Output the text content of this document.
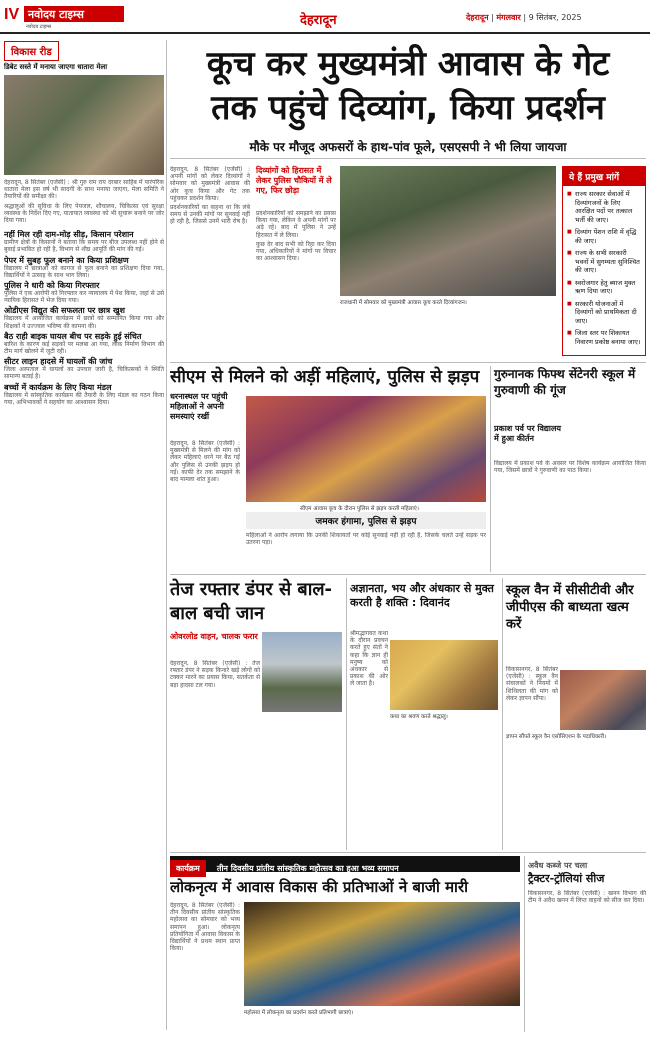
IV नवोदय टाइम्स
नवोदय टाइम्स	देहरादून	देहरादून | मंगलवार | 9 सितंबर, 2025
विकास रीड
डिबेट सस्ते में मनाया जाएगा धातारा मेला

देहरादून, 8 सितंबर (एजेंसी) : श्री गुरु राम राय दरबार साहिब में पारंपरिक धातारा मेला इस वर्ष भी सादगी के साथ मनाया जाएगा, मेला समिति ने तैयारियों की समीक्षा की।

श्रद्धालुओं की सुविधा के लिए पेयजल, शौचालय, चिकित्सा एवं सुरक्षा व्यवस्था के निर्देश दिए गए, यातायात व्यवस्था को भी सुचारू बनाने पर जोर दिया गया।

नहीं मिल रही दाम-मोड़ सीड़, किसान परेशान

ग्रामीण क्षेत्रों के किसानों ने बताया कि समय पर बीज उपलब्ध नहीं होने से बुवाई प्रभावित हो रही है, विभाग से शीघ्र आपूर्ति की मांग की गई।

पेपर में सुबह फूल बनाने का किया प्रशिक्षण

विद्यालय में छात्राओं को कागज से फूल बनाने का प्रशिक्षण दिया गया, विद्यार्थियों ने उत्साह के साथ भाग लिया।

पुलिस ने धारी को किया गिरफ्तार

पुलिस ने एक आरोपी को गिरफ्तार कर न्यायालय में पेश किया, जहां से उसे न्यायिक हिरासत में भेज दिया गया।

ओडीएस विद्युत की सफलता पर छात्र खुश

विद्यालय में आयोजित कार्यक्रम में छात्रों को सम्मानित किया गया और शिक्षकों ने उज्ज्वल भविष्य की कामना की।

बैठ राही बाइक घायल बीच पर सड़के हुई संचित

बारिश के कारण कई सड़कों पर मलबा आ गया, लोक निर्माण विभाग की टीम मार्ग खोलने में जुटी रही।

सीटर लाइन हादसे में घायलों की जांच

जिला अस्पताल में घायलों का उपचार जारी है, चिकित्सकों ने स्थिति सामान्य बताई है।

बच्चों में कार्यक्रम के लिए किया मंडल

विद्यालय में सांस्कृतिक कार्यक्रम की तैयारी के लिए मंडल का गठन किया गया, अभिभावकों ने सहयोग का आश्वासन दिया।

कूच कर मुख्यमंत्री आवास के गेट
तक पहुंचे दिव्यांग, किया प्रदर्शन
मौके पर मौजूद अफसरों के हाथ-पांव फूले, एसएसपी ने भी लिया जायजा

देहरादून, 8 सितंबर (एजेंसी) : अपनी मांगों को लेकर दिव्यांगों ने सोमवार को मुख्यमंत्री आवास की ओर कूच किया और गेट तक पहुंचकर प्रदर्शन किया।

प्रदर्शनकारियों का कहना था कि लंबे समय से उनकी मांगों पर सुनवाई नहीं हो रही है, जिससे उनमें भारी रोष है।

दिव्यांगों को हिरासत में लेकर पुलिस चौकियों में ले गए, फिर छोड़ा

प्रदर्शनकारियों को समझाने का प्रयास किया गया, लेकिन वे अपनी मांगों पर अड़े रहे। बाद में पुलिस ने उन्हें हिरासत में ले लिया।

कुछ देर बाद सभी को रिहा कर दिया गया, अधिकारियों ने मांगों पर विचार का आश्वासन दिया।

राजधानी में सोमवार को मुख्यमंत्री आवास कूच करते दिव्यांगजन।
ये हैं प्रमुख मांगें
■ राज्य सरकार सेवाओं में दिव्यांगजनों के लिए आरक्षित पदों पर तत्काल भर्ती की जाए।
■ दिव्यांग पेंशन राशि में वृद्धि की जाए।
■ राज्य के सभी सरकारी भवनों में सुगम्यता सुनिश्चित की जाए।
■ स्वरोजगार हेतु ब्याज मुक्त ऋण दिया जाए।
■ सरकारी योजनाओं में दिव्यांगों को प्राथमिकता दी जाए।
■ जिला स्तर पर शिकायत निवारण प्रकोष्ठ बनाया जाए।
सीएम से मिलने को अड़ीं महिलाएं, पुलिस से झड़प
धरनास्थल पर पहुंची महिलाओं ने अपनी समस्याएं रखीं

देहरादून, 8 सितंबर (एजेंसी) : मुख्यमंत्री से मिलने की मांग को लेकर महिलाएं धरने पर बैठ गईं और पुलिस से उनकी झड़प हो गई। काफी देर तक समझाने के बाद मामला शांत हुआ।

सीएम आवास कूच के दौरान पुलिस से झड़प करती महिलाएं।
जमकर हंगामा, पुलिस से झड़प

महिलाओं ने आरोप लगाया कि उनकी शिकायतों पर कोई सुनवाई नहीं हो रही है, जिसके चलते उन्हें सड़क पर उतरना पड़ा।

गुरुनानक फिफ्थ सेंटेनरी स्कूल में गुरुवाणी की गूंज
प्रकाश पर्व पर विद्यालय में हुआ कीर्तन

विद्यालय में प्रकाश पर्व के अवसर पर विशेष कार्यक्रम आयोजित किया गया, जिसमें छात्रों ने गुरुवाणी का पाठ किया।

तेज रफ्तार डंपर से बाल-बाल बची जान
ओवरलोड वाहन, चालक फरार

देहरादून, 8 सितंबर (एजेंसी) : तेज रफ्तार डंपर ने सड़क किनारे खड़े लोगों को टक्कर मारने का प्रयास किया, सतर्कता से बड़ा हादसा टल गया।

अज्ञानता, भय और अंधकार से मुक्त करती है शक्ति : दिवानंद
कथा का श्रवण करते श्रद्धालु।

श्रीमद्भागवत कथा के दौरान प्रवचन करते हुए संतों ने कहा कि ज्ञान ही मनुष्य को अंधकार से प्रकाश की ओर ले जाता है।

स्कूल वैन में सीसीटीवी और जीपीएस की बाध्यता खत्म करें
ज्ञापन सौंपते स्कूल वैन एसोसिएशन के पदाधिकारी।

विकासनगर, 8 सितंबर (एजेंसी) : स्कूल वैन संचालकों ने नियमों में शिथिलता की मांग को लेकर ज्ञापन सौंपा।

कार्यक्रम तीन दिवसीय प्रांतीय सांस्कृतिक महोत्सव का हुआ भव्य समापन
लोकनृत्य में आवास विकास की प्रतिभाओं ने बाजी मारी

देहरादून, 8 सितंबर (एजेंसी) : तीन दिवसीय प्रांतीय सांस्कृतिक महोत्सव का सोमवार को भव्य समापन हुआ। लोकनृत्य प्रतियोगिता में आवास विकास के विद्यार्थियों ने प्रथम स्थान प्राप्त किया।

महोत्सव में लोकनृत्य का प्रदर्शन करते प्रतिभागी छात्राएं।
अवैध कब्जे पर चला
ट्रैक्टर-ट्रॉलियां सीज

विकासनगर, 8 सितंबर (एजेंसी) : खनन विभाग की टीम ने अवैध खनन में लिप्त वाहनों को सीज कर दिया।
